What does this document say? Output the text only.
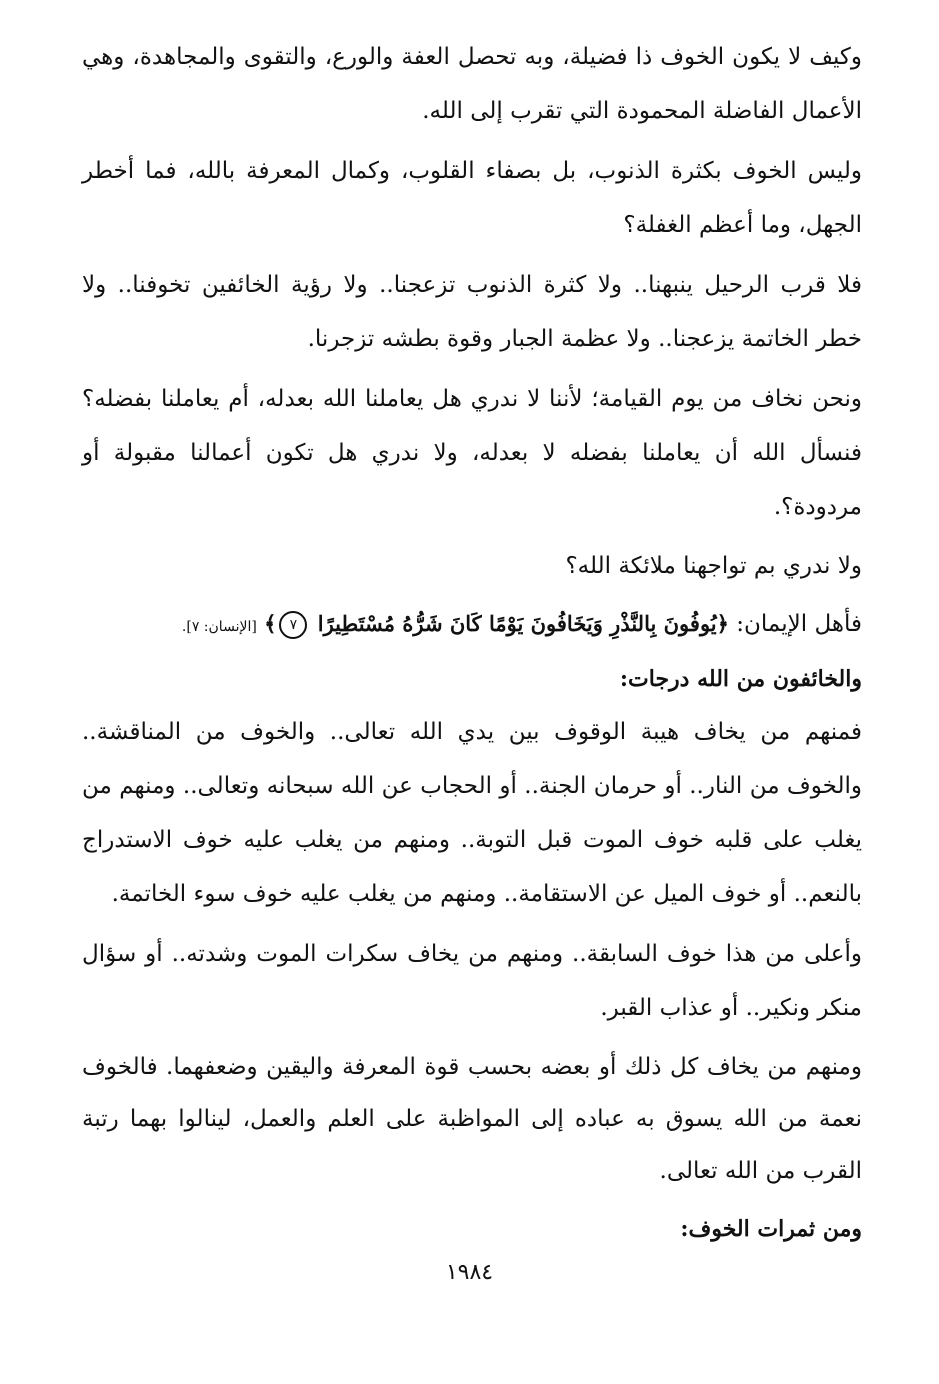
وكيف لا يكون الخوف ذا فضيلة، وبه تحصل العفة والورع، والتقوى والمجاهدة، وهي الأعمال الفاضلة المحمودة التي تقرب إلى الله.

وليس الخوف بكثرة الذنوب، بل بصفاء القلوب، وكمال المعرفة بالله، فما أخطر الجهل، وما أعظم الغفلة؟

فلا قرب الرحيل ينبهنا.. ولا كثرة الذنوب تزعجنا.. ولا رؤية الخائفين تخوفنا.. ولا خطر الخاتمة يزعجنا.. ولا عظمة الجبار وقوة بطشه تزجرنا.

ونحن نخاف من يوم القيامة؛ لأننا لا ندري هل يعاملنا الله بعدله، أم يعاملنا بفضله؟ فنسأل الله أن يعاملنا بفضله لا بعدله، ولا ندري هل تكون أعمالنا مقبولة أو مردودة؟.

ولا ندري بم تواجهنا ملائكة الله؟

فأهل الإيمان: ﴿يُوفُونَ بِالنَّذْرِ وَيَخَافُونَ يَوْمًا كَانَ شَرُّهُ مُسْتَطِيرًا ٧﴾ [الإنسان: ٧].

والخائفون من الله درجات:

فمنهم من يخاف هيبة الوقوف بين يدي الله تعالى.. والخوف من المناقشة.. والخوف من النار.. أو حرمان الجنة.. أو الحجاب عن الله سبحانه وتعالى.. ومنهم من يغلب على قلبه خوف الموت قبل التوبة.. ومنهم من يغلب عليه خوف الاستدراج بالنعم.. أو خوف الميل عن الاستقامة.. ومنهم من يغلب عليه خوف سوء الخاتمة.

وأعلى من هذا خوف السابقة.. ومنهم من يخاف سكرات الموت وشدته.. أو سؤال منكر ونكير.. أو عذاب القبر.

ومنهم من يخاف كل ذلك أو بعضه بحسب قوة المعرفة واليقين وضعفهما. فالخوف نعمة من الله يسوق به عباده إلى المواظبة على العلم والعمل، لينالوا بهما رتبة القرب من الله تعالى.

ومن ثمرات الخوف:

١٩٨٤
